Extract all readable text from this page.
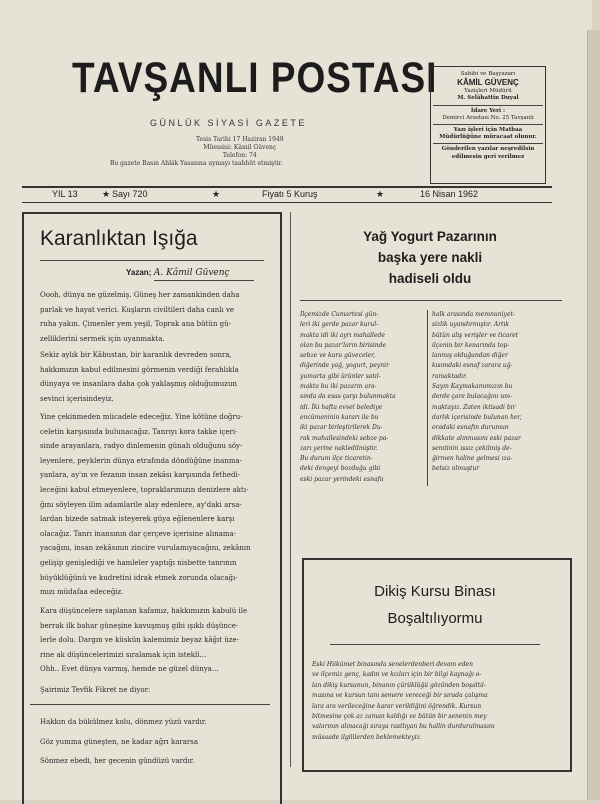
TAVŞANLI POSTASI
GÜNLÜK SİYASİ GAZETE
Tesis Tarihi 17 Haziran 1949
Müessisi: Kâmil Güvenç
Telefon: 74
Bu gazete Basın Ahlâk Yasasına uymayı taahhüt etmiştir.
Sahibi ve Başyazarı
KÂMİL GÜVENÇ
Yazişleri Müdürü
M. Selâhattin Duyal
İdare Yeri :
Demirci Arastası No. 25 Tavşanlı
Yazı işleri için Matbaa Müdürlüğüne müracaat olunur.
Gönderilen yazılar neşredilsin edilmesin geri verilmez
YIL 13	★ Sayı 720	★	Fiyatı 5 Kuruş	★	16 Nisan 1962
Karanlıktan Işığa
Yazan; A. Kâmil Güvenç
Oooh, dünya ne güzelmiş. Güneş her zamankinden daha
parlak ve hayat verici. Kuşların civiltileri daha canlı ve
ruha yakın. Çimenler yem yeşil, Toprak ana bütün gü-
zelliklerini sermek için uyanmakta.
Sekiz aylık bir Kâbustan, bir karanlık devreden sonra,
hakkımızın kabul edilmesini görmenin verdiği ferahlıkla
dünyaya ve insanlara daha çok yaklaşmış olduğumuzun
sevinci içerisindeyiz.
Yine çekinmeden mücadele edeceğiz. Yine kötüne doğru-
celetin karşısında bulunacağız. Tanrıyı kora takke içeri-
sinde arayanlara, radyo dinlemenin günah olduğunu söy-
leyenlere, peyklerin dünya etrafında döndüğüne inanma-
yanlara, ay'ın ve fezanın insan zekâsı karşısında fethedi-
leceğini kabul etmeyenlere, topraklarımızın denizlere aktı-
ğını söyleyen ilim adamlarile alay edenlere, ay'daki arsa-
lardan bizede satmak isteyerek güya eğlenenlere karşı
olacağız. Tanrı inansının dar çerçeve içerisine alınama-
yacağını, insan zekâsının zincire vurulamıyacağını, zekânın
gelişip genişlediği ve hamleler yaptığı nisbette tanrının
büyüklüğünü ve kudretini idrak etmek zorunda olacağı-
mızı müdafaa edeceğiz.
Kara düşüncelere saplanan kafamız, hakkımızın kabulü ile
berrak ilk bahar güneşine kavuşmuş gibi ışıklı düşünce-
lerle dolu. Dargın ve küskün kalemimiz beyaz kâğıt üze-
rine ak düşüncelerimizi sıralamak için istekli...
Ohh.. Evet dünya varmış, hemde ne güzel dünya...
Şairimiz Tevfik Fikret ne diyor:
Hakkın da bükülmez kolu, dönmez yüzü vardır.
Göz yumma güneşten, ne kadar ağrı kararsa
Sönmez ebedi, her gecenin gündüzü vardır.
Yağ Yogurt Pazarının
başka yere nakli
hadiseli oldu
İlçemizde Cumartesi gün-
leri iki gerde pazar kurul-
makta idi iki ayrı mahallede
olan bu pazar'ların birisinde
sebze ve kuru güveceler,
diğerinde yağ, yogurt, peynir
yumurta gibi ürünler satıl-
makta bu iki pazarın ara-
sında da esas çarşı bulunmakta
idi. İki hafta evvel belediye
encümeninin kararı ile bu
iki pazar birleştirilerek Du-
rak mahallesindeki sebze pa-
zarı yerine nakledilmiştir.
Bu durum ilçe ticaretin-
deki dengeyi bozduğu gibi
eski pazar yerindeki esnafıı
halk arasında memnuniyet-
sizlik uyandırmıştır. Artık
bütün alış verişler ve ticaret
ilçenin bir kenarında top-
lanmış olduğundan diğer
kısımdaki esnaf zarara uğ-
ramaktadır.
Sayın Kaymakamımızın bu
derde çare bulacağını um-
maktayız. Zaten iktisadi bir
darlık içerisinde bulunan her,
oradaki esnafın durumun
dikkate alınmasını eski pazar
semtinin ıssız çekilmiş de-
ğirmen haline gelmesi ıza-
betsiz olmuştur
Dikiş Kursu Binası
Boşaltılıyormu
Eski Hükümet binasında senelerdenberi devam eden
ve ilçemiz genç, kadın ve kızları için bir bilgi kaynağı o-
lan dikiş kursunun, binanın çürüklüğü gözünden boşaltıl-
masına ve kursun tam semere vereceği bir sırada çalışma
lara ara verileceğine karar verildiğini öğrendik. Kursun
bitmesine çok az zaman kaldığı ve bütün bir senenin mey
valarının alınacağı sıraya rastlıyan bu hallin durdurulmasını
müsaade ilgililerden beklemekteyiz.
